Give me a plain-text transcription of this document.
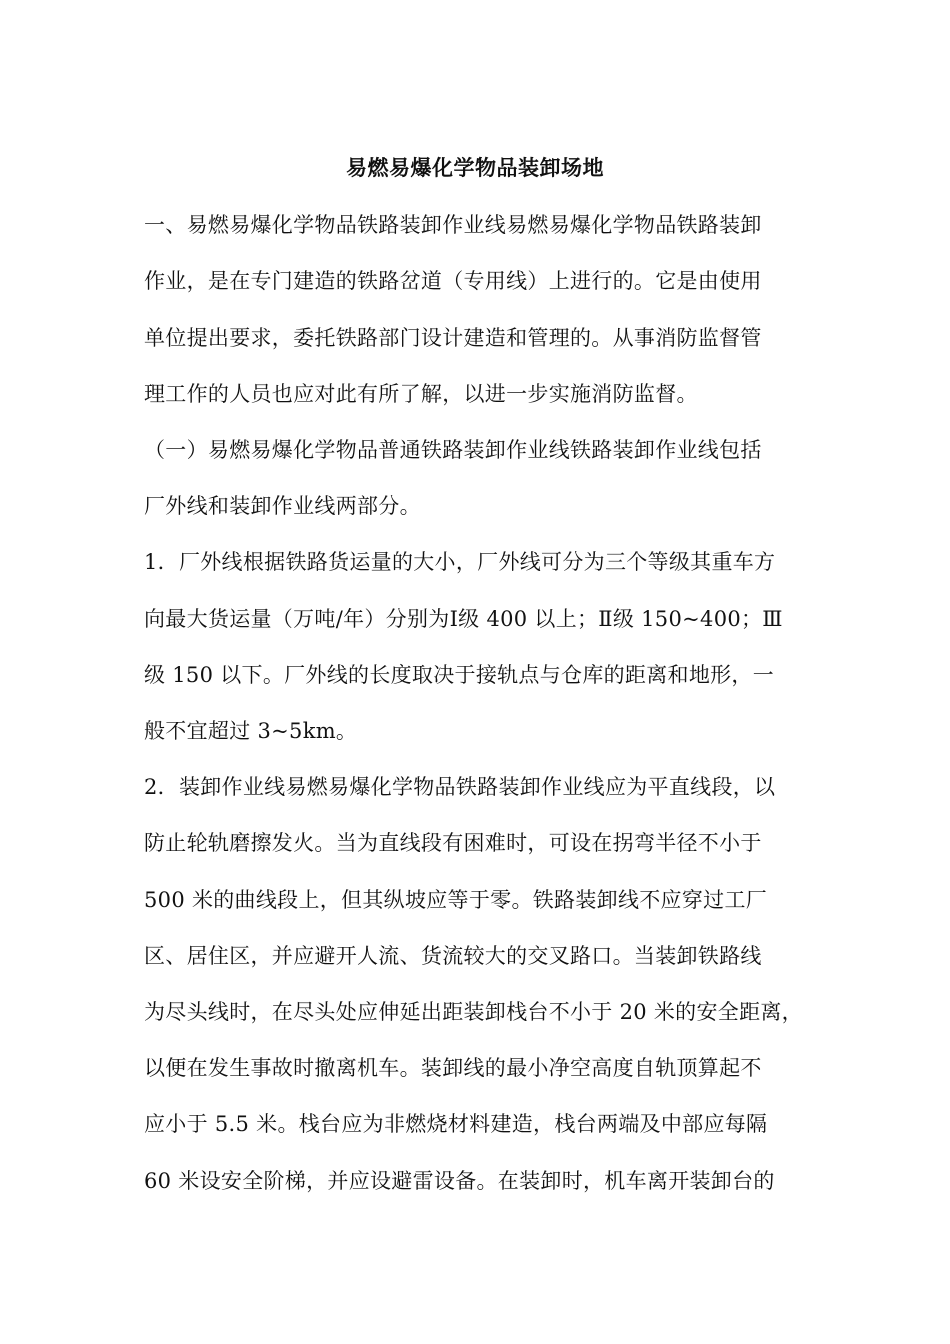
易燃易爆化学物品装卸场地
一、易燃易爆化学物品铁路装卸作业线易燃易爆化学物品铁路装卸
作业，是在专门建造的铁路岔道（专用线）上进行的。它是由使用
单位提出要求，委托铁路部门设计建造和管理的。从事消防监督管
理工作的人员也应对此有所了解，以进一步实施消防监督。
（一）易燃易爆化学物品普通铁路装卸作业线铁路装卸作业线包括
厂外线和装卸作业线两部分。
1．厂外线根据铁路货运量的大小，厂外线可分为三个等级其重车方
向最大货运量（万吨/年）分别为Ⅰ级 400 以上；Ⅱ级 150~400；Ⅲ
级 150 以下。厂外线的长度取决于接轨点与仓库的距离和地形，一
般不宜超过 3~5km。
2．装卸作业线易燃易爆化学物品铁路装卸作业线应为平直线段，以
防止轮轨磨擦发火。当为直线段有困难时，可设在拐弯半径不小于
500 米的曲线段上，但其纵坡应等于零。铁路装卸线不应穿过工厂
区、居住区，并应避开人流、货流较大的交叉路口。当装卸铁路线
为尽头线时，在尽头处应伸延出距装卸栈台不小于 20 米的安全距离，
以便在发生事故时撤离机车。装卸线的最小净空高度自轨顶算起不
应小于 5.5 米。栈台应为非燃烧材料建造，栈台两端及中部应每隔
60 米设安全阶梯，并应设避雷设备。在装卸时，机车离开装卸台的
